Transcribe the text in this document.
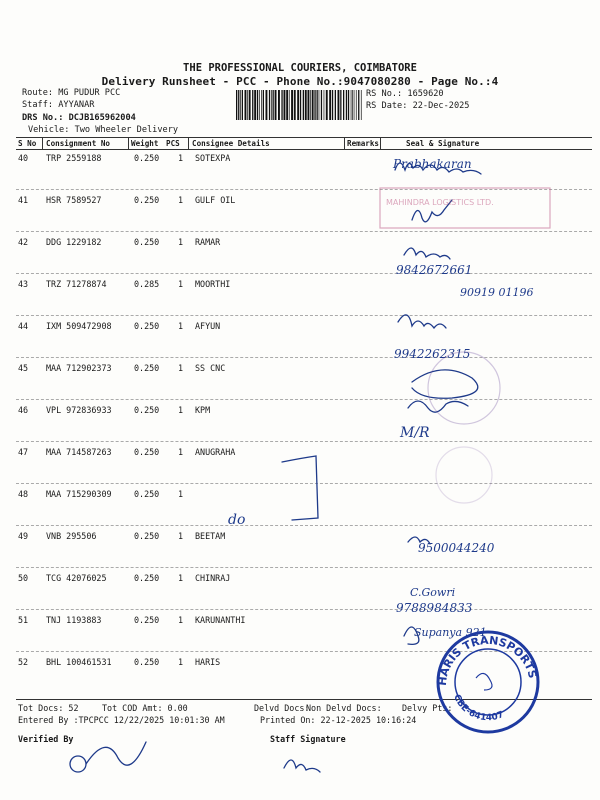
THE PROFESSIONAL COURIERS, COIMBATORE
Delivery Runsheet - PCC - Phone No.:9047080280 - Page No.:4
Route: MG PUDUR PCC
Staff: AYYANAR
DRS No.: DCJB165962004
Vehicle: Two Wheeler Delivery
RS No.: 1659620
RS Date: 22-Dec-2025
S No Consignment No	Weight PCS Consignee Details	Remarks	Seal & Signature
40 TRP 2559188	0.250 1 SOTEXPA
41 HSR 7589527	0.250 1 GULF OIL
42 DDG 1229182	0.250 1 RAMAR
43 TRZ 71278874	0.285 1 MOORTHI
44 IXM 509472908	0.250 1 AFYUN
45 MAA 712902373	0.250 1 SS CNC
46 VPL 972836933	0.250 1 KPM
47 MAA 714587263	0.250 1 ANUGRAHA
48 MAA 715290309	0.250 1
49 VNB 295506	0.250 1 BEETAM
50 TCG 42076025	0.250 1 CHINRAJ
51 TNJ 1193883	0.250 1 KARUNANTHI
52 BHL 100461531	0.250 1 HARIS
Tot Docs: 52	Tot COD Amt: 0.00	Delvd Docs:
Non Delvd Docs: Delvy Pts:
Entered By :TPCPCC 12/22/2025 10:01:30 AM	Printed On: 22-12-2025 10:16:24
Verified By	Staff Signature
Prabhakaran
9842672661
90919 01196
9942262315
M/R
do
9500044240
C.Gowri
9788984833
Supanya 921
MAHINDRA LOGISTICS LTD.
HARIS TRANSPORTS
CBE-641407
